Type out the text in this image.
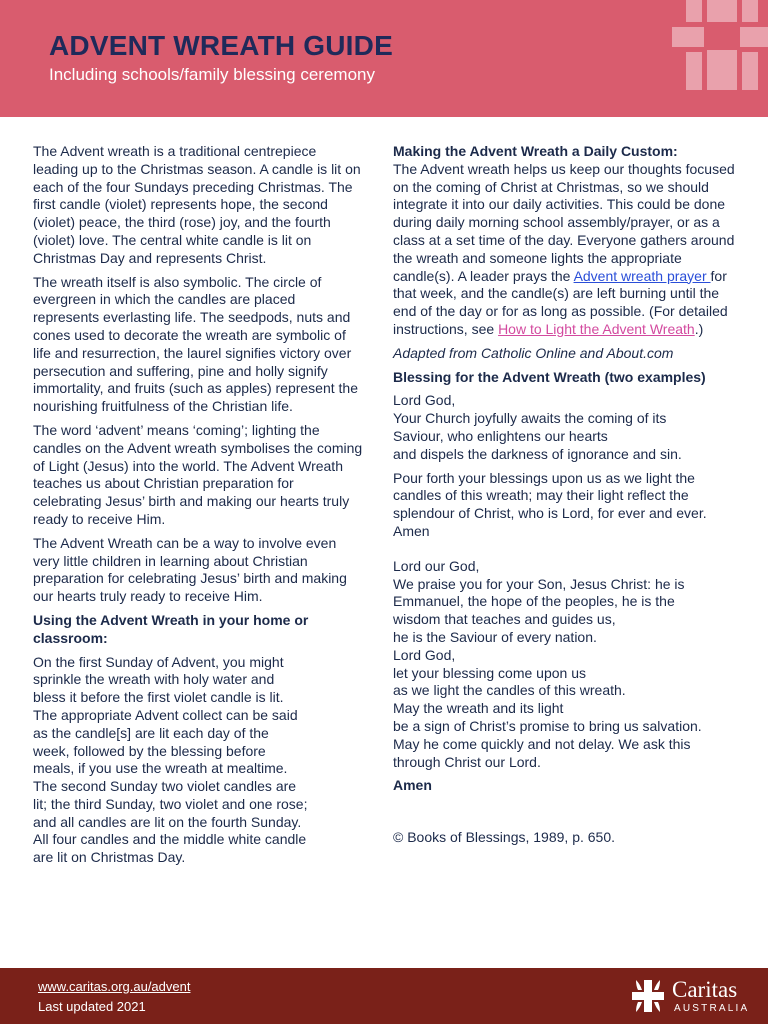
ADVENT WREATH GUIDE
Including schools/family blessing ceremony

The Advent wreath is a traditional centrepiece leading up to the Christmas season. A candle is lit on each of the four Sundays preceding Christmas. The first candle (violet) represents hope, the second (violet) peace, the third (rose) joy, and the fourth (violet) love. The central white candle is lit on Christmas Day and represents Christ.

The wreath itself is also symbolic. The circle of evergreen in which the candles are placed represents everlasting life. The seedpods, nuts and cones used to decorate the wreath are symbolic of life and resurrection, the laurel signifies victory over persecution and suffering, pine and holly signify immortality, and fruits (such as apples) represent the nourishing fruitfulness of the Christian life.

The word ‘advent’ means ‘coming’; lighting the candles on the Advent wreath symbolises the coming of Light (Jesus) into the world. The Advent Wreath teaches us about Christian preparation for celebrating Jesus’ birth and making our hearts truly ready to receive Him.

The Advent Wreath can be a way to involve even very little children in learning about Christian preparation for celebrating Jesus’ birth and making our hearts truly ready to receive Him.

Using the Advent Wreath in your home or classroom:
On the first Sunday of Advent, you might
sprinkle the wreath with holy water and
bless it before the first violet candle is lit.
The appropriate Advent collect can be said
as the candle[s] are lit each day of the
week, followed by the blessing before
meals, if you use the wreath at mealtime.
The second Sunday two violet candles are
lit; the third Sunday, two violet and one rose;
and all candles are lit on the fourth Sunday.
All four candles and the middle white candle
are lit on Christmas Day.
Making the Advent Wreath a Daily Custom:

The Advent wreath helps us keep our thoughts focused on the coming of Christ at Christmas, so we should integrate it into our daily activities. This could be done during daily morning school assembly/prayer, or as a class at a set time of the day. Everyone gathers around the wreath and someone lights the appropriate candle(s). A leader prays the Advent wreath prayer for that week, and the candle(s) are left burning until the end of the day or for as long as possible. (For detailed instructions, see How to Light the Advent Wreath.)

Adapted from Catholic Online and About.com

Blessing for the Advent Wreath (two examples)

Lord God,
Your Church joyfully awaits the coming of its
Saviour, who enlightens our hearts
and dispels the darkness of ignorance and sin.
Pour forth your blessings upon us as we light the candles of this wreath; may their light reflect the splendour of Christ, who is Lord, for ever and ever.
Amen
Lord our God,
We praise you for your Son, Jesus Christ: he is
Emmanuel, the hope of the peoples, he is the
wisdom that teaches and guides us,
he is the Saviour of every nation.
Lord God,
let your blessing come upon us
as we light the candles of this wreath.
May the wreath and its light
be a sign of Christ’s promise to bring us salvation.
May he come quickly and not delay. We ask this
through Christ our Lord.
Amen
© Books of Blessings, 1989, p. 650.
www.caritas.org.au/advent
Last updated 2021
Caritas
AUSTRALIA
